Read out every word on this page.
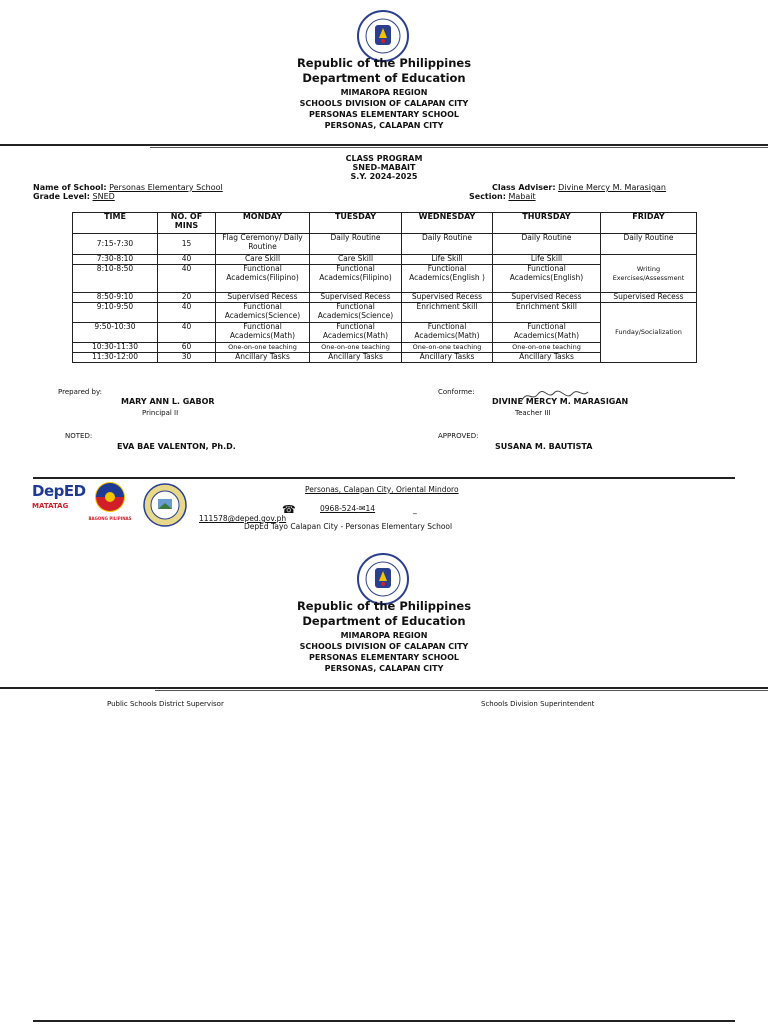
Republic of the Philippines
Department of Education
MIMAROPA REGION
SCHOOLS DIVISION OF CALAPAN CITY
PERSONAS ELEMENTARY SCHOOL
PERSONAS, CALAPAN CITY
CLASS PROGRAM
SNED-MABAIT
S.Y. 2024-2025
Name of School: Personas Elementary School
Grade Level: SNED
Class Adviser: Divine Mercy M. Marasigan
Section: Mabait
TIME	NO. OF MINS	MONDAY	TUESDAY	WEDNESDAY	THURSDAY	FRIDAY
7:15-7:30	15	Flag Ceremony/ Daily Routine	Daily Routine	Daily Routine	Daily Routine	Daily Routine
7:30-8:10	40	Care Skill	Care Skill	Life Skill	Life Skill	Writing Exercises/Assessment
8:10-8:50	40	Functional Academics(Filipino)	Functional Academics(Filipino)	Functional Academics(English )	Functional Academics(English)	
8:50-9:10	20	Supervised Recess	Supervised Recess	Supervised Recess	Supervised Recess	Supervised Recess
9:10-9:50	40	Functional Academics(Science)	Functional Academics(Science)	Enrichment Skill	Enrichment Skill	Funday/Socialization
9:50-10:30	40	Functional Academics(Math)	Functional Academics(Math)	Functional Academics(Math)	Functional Academics(Math)	
10:30-11:30	60	One-on-one teaching	One-on-one teaching	One-on-one teaching	One-on-one teaching	
11:30-12:00	30	Ancillary Tasks	Ancillary Tasks	Ancillary Tasks	Ancillary Tasks	
Prepared by:
MARY ANN L. GABOR
Principal II
Conforme:
DIVINE MERCY M. MARASIGAN
Teacher III
NOTED:
EVA BAE VALENTON, Ph.D.
APPROVED:
SUSANA M. BAUTISTA
DepED
MATATAG
BAGONG PILIPINAS
Personas, Calapan City, Oriental Mindoro
☎	0968-524-✉14	_
111578@deped.gov.ph
DepEd Tayo Calapan City - Personas Elementary School
Republic of the Philippines
Department of Education
MIMAROPA REGION
SCHOOLS DIVISION OF CALAPAN CITY
PERSONAS ELEMENTARY SCHOOL
PERSONAS, CALAPAN CITY
Public Schools District Supervisor	Schools Division Superintendent
